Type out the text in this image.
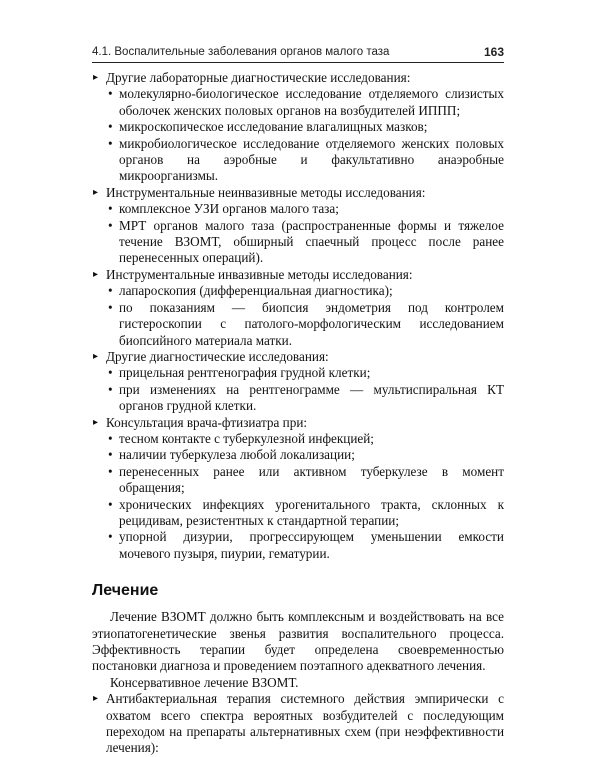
4.1. Воспалительные заболевания органов малого таза	163
▸ Другие лабораторные диагностические исследования:
• молекулярно-биологическое исследование отделяемого слизистых оболочек женских половых органов на возбудителей ИППП;
• микроскопическое исследование влагалищных мазков;
• микробиологическое исследование отделяемого женских половых органов на аэробные и факультативно анаэробные микроорганизмы.
▸ Инструментальные неинвазивные методы исследования:
• комплексное УЗИ органов малого таза;
• МРТ органов малого таза (распространенные формы и тяжелое течение ВЗОМТ, обширный спаечный процесс после ранее перенесенных операций).
▸ Инструментальные инвазивные методы исследования:
• лапароскопия (дифференциальная диагностика);
• по показаниям — биопсия эндометрия под контролем гистероскопии с патолого-морфологическим исследованием биопсийного материала матки.
▸ Другие диагностические исследования:
• прицельная рентгенография грудной клетки;
• при изменениях на рентгенограмме — мультиспиральная КТ органов грудной клетки.
▸ Консультация врача-фтизиатра при:
• тесном контакте с туберкулезной инфекцией;
• наличии туберкулеза любой локализации;
• перенесенных ранее или активном туберкулезе в момент обращения;
• хронических инфекциях урогенитального тракта, склонных к рецидивам, резистентных к стандартной терапии;
• упорной дизурии, прогрессирующем уменьшении емкости мочевого пузыря, пиурии, гематурии.
Лечение

Лечение ВЗОМТ должно быть комплексным и воздействовать на все этиопатогенетические звенья развития воспалительного процесса. Эффективность терапии будет определена своевременностью постановки диагноза и проведением поэтапного адекватного лечения.

Консервативное лечение ВЗОМТ.

▸ Антибактериальная терапия системного действия эмпирически с охватом всего спектра вероятных возбудителей с последующим переходом на препараты альтернативных схем (при неэффективности лечения):
